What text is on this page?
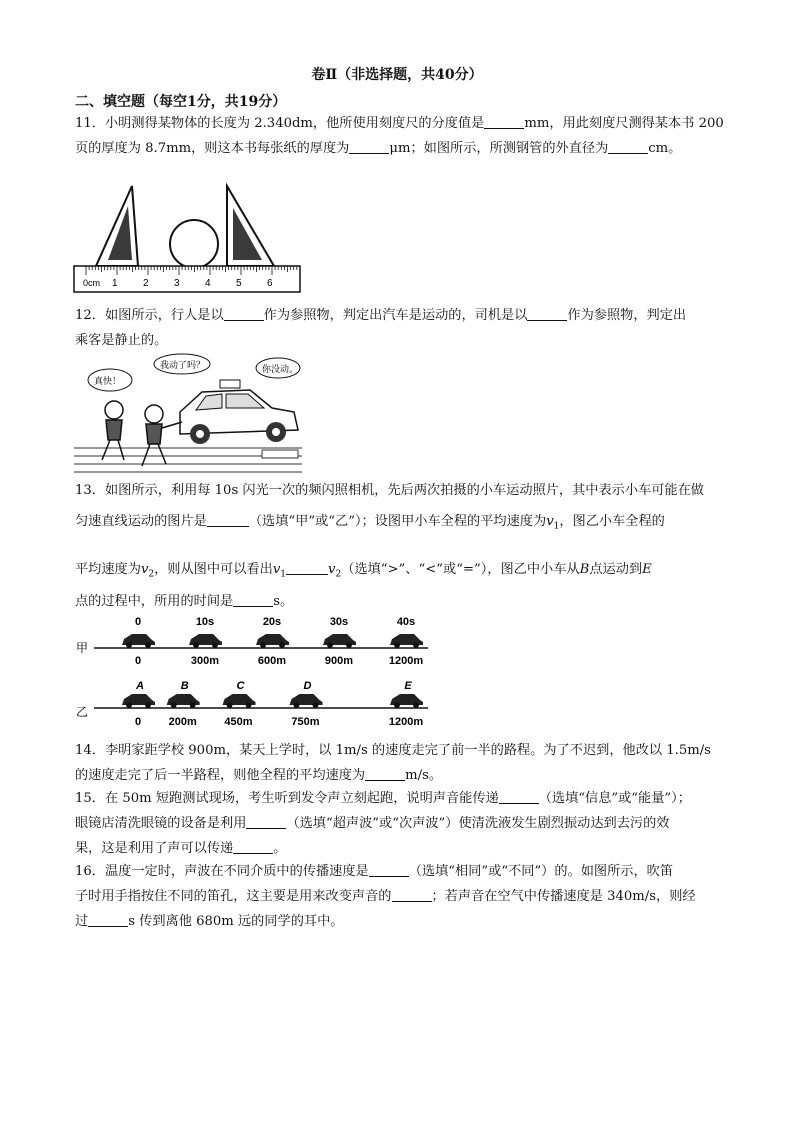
卷Ⅱ（非选择题，共40分）
二、填空题（每空1分，共19分）
11．小明测得某物体的长度为 2.340dm，他所使用刻度尺的分度值是	mm，用此刻度尺测得某本书 200
页的厚度为 8.7mm，则这本书每张纸的厚度为	μm；如图所示，所测钢管的外直径为	cm。
0cm 1	2	3	4	5	6
12．如图所示，行人是以	作为参照物，判定出汽车是运动的，司机是以	作为参照物，判定出
乘客是静止的。
真快！
我动了吗？	你没动。
13．如图所示，利用每 10s 闪光一次的频闪照相机，先后两次拍摄的小车运动照片，其中表示小车可能在做
匀速直线运动的图片是	（选填“甲”或“乙”）；设图甲小车全程的平均速度为$v_1$，图乙小车全程的
平均速度为$v_2$，则从图中可以看出$v_1$	$v_2$（选填“>”、“<”或“=”），图乙中小车从B点运动到E
点的过程中，所用的时间是	s。
甲
乙
0
0
10s
300m
20s
600m
30s
900m
40s
1200m
A
0
B
200m
C
450m
D
750m
E
1200m
14．李明家距学校 900m，某天上学时，以 1m/s 的速度走完了前一半的路程。为了不迟到，他改以 1.5m/s
的速度走完了后一半路程，则他全程的平均速度为	m/s。
15．在 50m 短跑测试现场，考生听到发令声立刻起跑，说明声音能传递	（选填“信息”或“能量”）；
眼镜店清洗眼镜的设备是利用	（选填“超声波”或“次声波”）使清洗液发生剧烈振动达到去污的效
果，这是利用了声可以传递	。
16．温度一定时，声波在不同介质中的传播速度是	（选填“相同”或“不同”）的。如图所示，吹笛
子时用手指按住不同的笛孔，这主要是用来改变声音的	；若声音在空气中传播速度是 340m/s，则经
过	s 传到离他 680m 远的同学的耳中。
